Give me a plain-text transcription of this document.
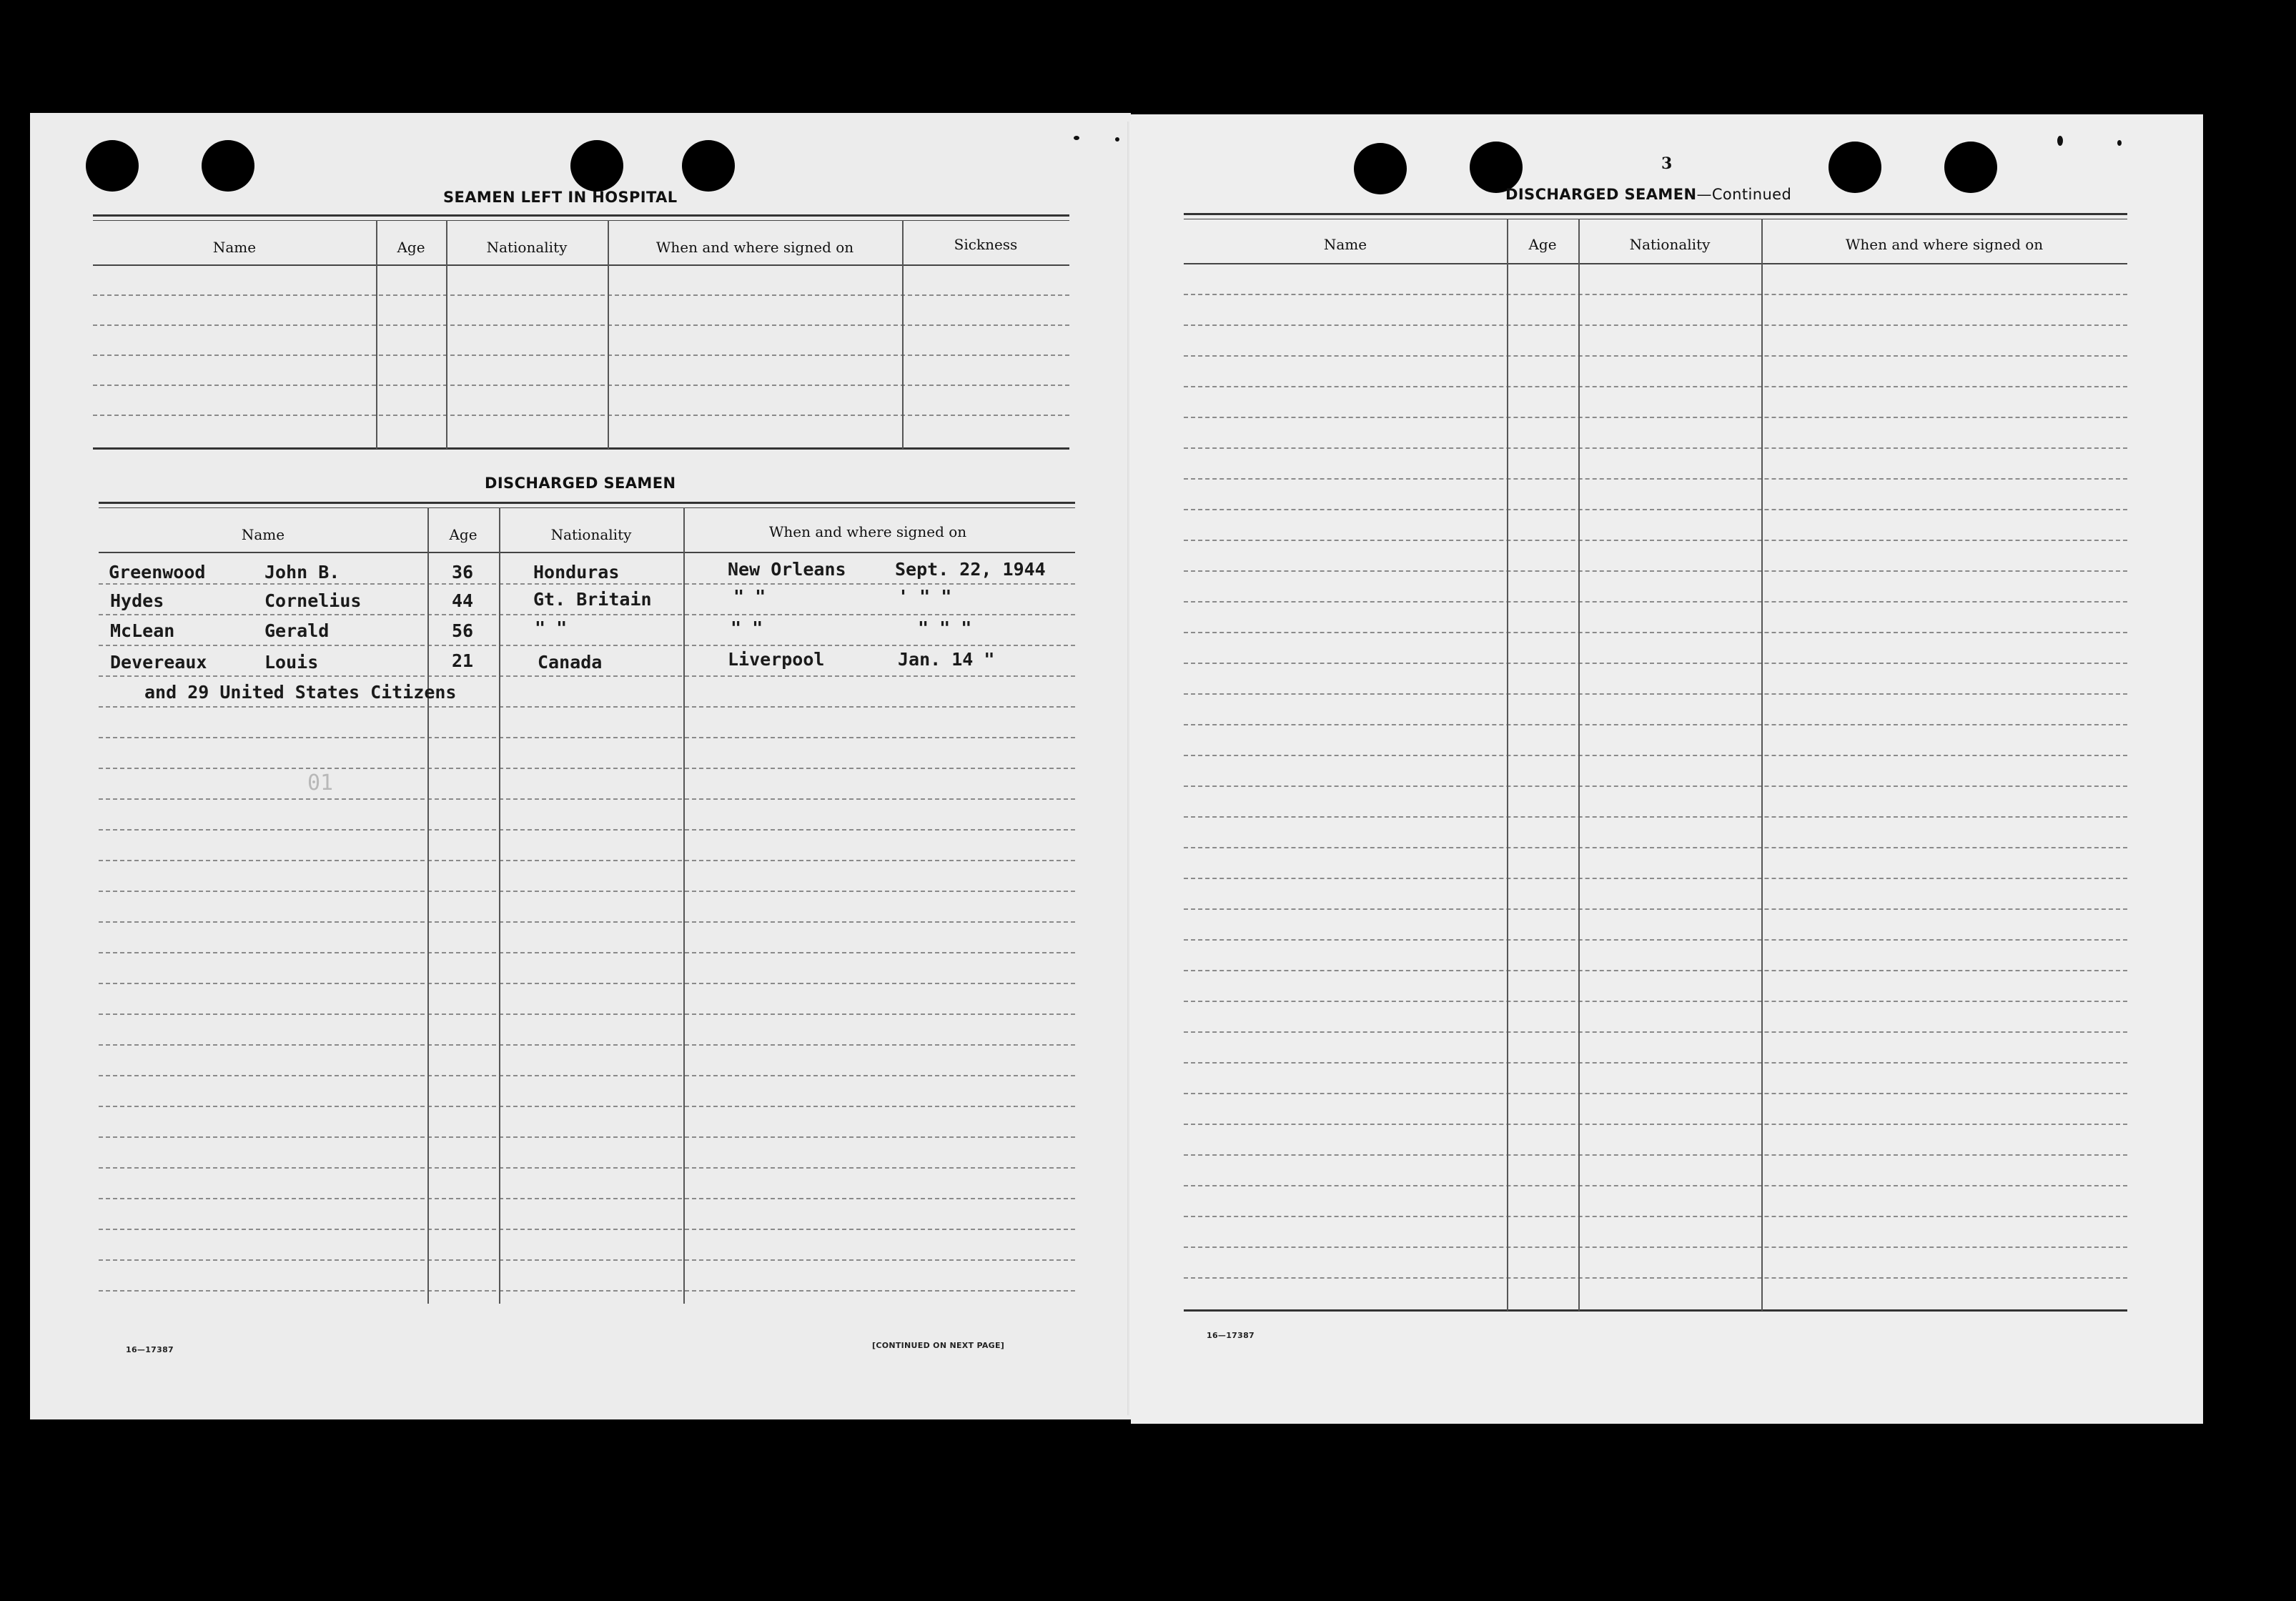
SEAMEN LEFT IN HOSPITAL
Name	Age	Nationality	When and where signed on	Sickness
DISCHARGED SEAMEN
Name	Age	Nationality	When and where signed on
Greenwood	John B.	36	Honduras	New Orleans	Sept. 22, 1944
Hydes	Cornelius	44	Gt. Britain	" "	' " "
McLean	Gerald	56	" "	" "	" " "
Devereaux	Louis	21	Canada	Liverpool	Jan. 14 "
and 29 United States Citizens
01
16—17387	[CONTINUED ON NEXT PAGE]
3
DISCHARGED SEAMEN—Continued
Name	Age	Nationality	When and where signed on
16—17387
